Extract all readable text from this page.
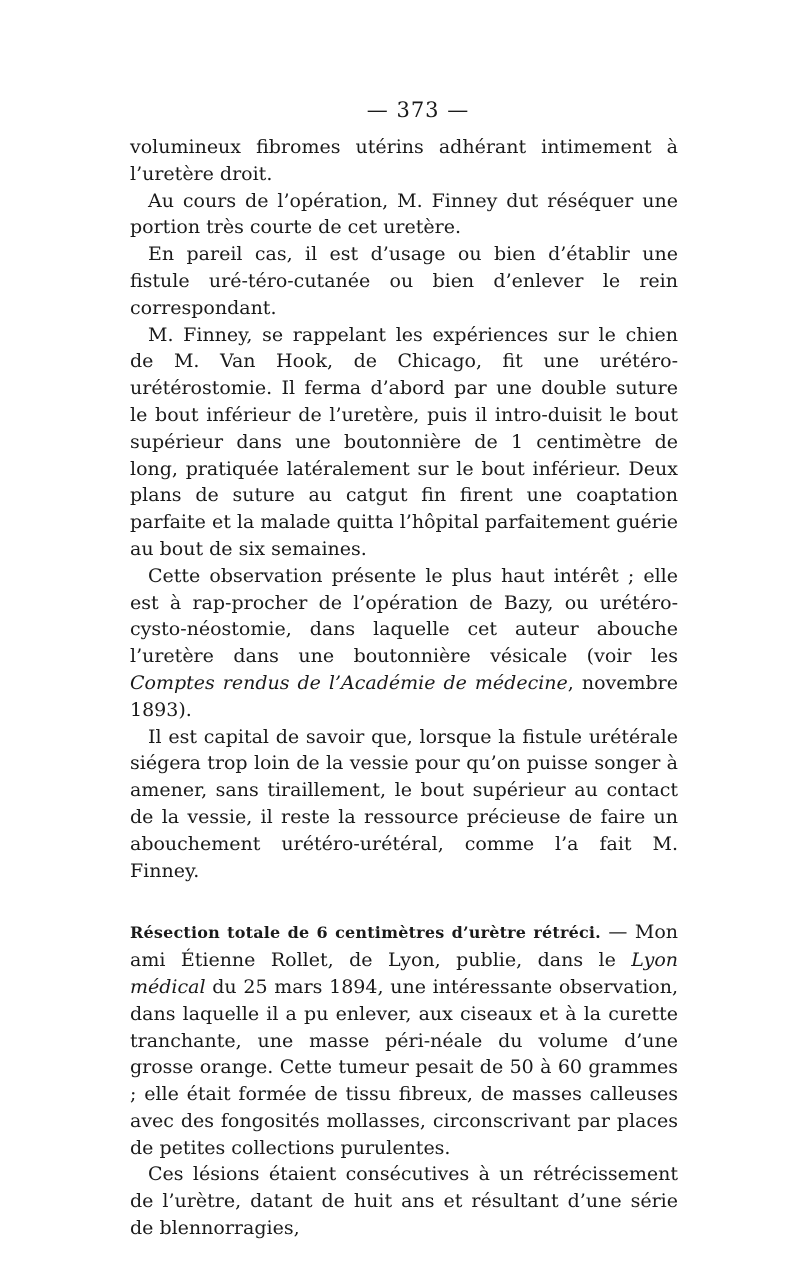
— 373 —

volumineux fibromes utérins adhérant intimement à l’uretère droit.

Au cours de l’opération, M. Finney dut réséquer une portion très courte de cet uretère.

En pareil cas, il est d’usage ou bien d’établir une fistule uré-téro-cutanée ou bien d’enlever le rein correspondant.

M. Finney, se rappelant les expériences sur le chien de M. Van Hook, de Chicago, fit une urétéro-urétérostomie. Il ferma d’abord par une double suture le bout inférieur de l’uretère, puis il intro-duisit le bout supérieur dans une boutonnière de 1 centimètre de long, pratiquée latéralement sur le bout inférieur. Deux plans de suture au catgut fin firent une coaptation parfaite et la malade quitta l’hôpital parfaitement guérie au bout de six semaines.

Cette observation présente le plus haut intérêt ; elle est à rap-procher de l’opération de Bazy, ou urétéro-cysto-néostomie, dans laquelle cet auteur abouche l’uretère dans une boutonnière vésicale (voir les Comptes rendus de l’Académie de médecine, novembre 1893).

Il est capital de savoir que, lorsque la fistule urétérale siégera trop loin de la vessie pour qu’on puisse songer à amener, sans tiraillement, le bout supérieur au contact de la vessie, il reste la ressource précieuse de faire un abouchement urétéro-urétéral, comme l’a fait M. Finney.

Résection totale de 6 centimètres d’urètre rétréci. — Mon ami Étienne Rollet, de Lyon, publie, dans le Lyon médical du 25 mars 1894, une intéressante observation, dans laquelle il a pu enlever, aux ciseaux et à la curette tranchante, une masse péri-néale du volume d’une grosse orange. Cette tumeur pesait de 50 à 60 grammes ; elle était formée de tissu fibreux, de masses calleuses avec des fongosités mollasses, circonscrivant par places de petites collections purulentes.

Ces lésions étaient consécutives à un rétrécissement de l’urètre, datant de huit ans et résultant d’une série de blennorragies,
